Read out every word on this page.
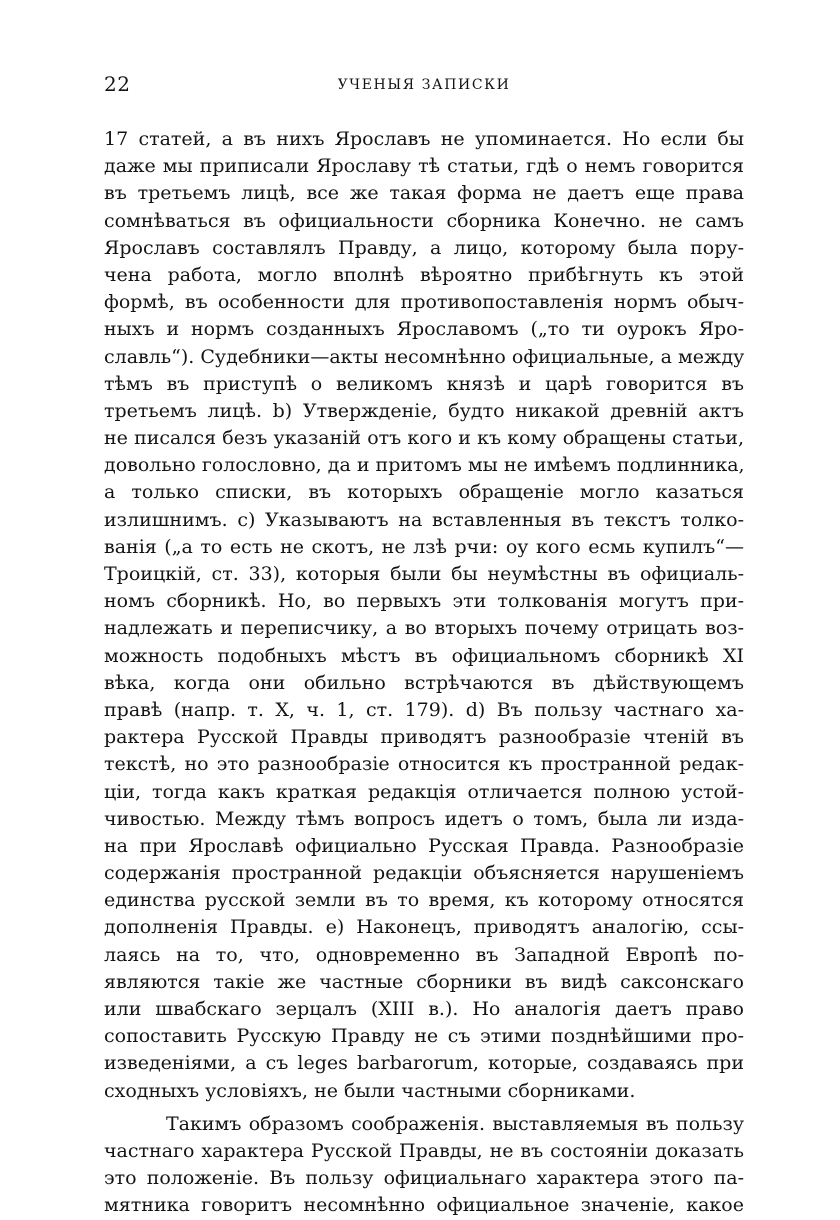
22	УЧЕНЫЯ ЗАПИСКИ
17 статей, а въ нихъ Ярославъ не упоминается. Но если бы
даже мы приписали Ярославу тѣ статьи, гдѣ о немъ говорится
въ третьемъ лицѣ, все же такая форма не даетъ еще права
сомнѣваться въ официальности сборника Конечно. не самъ
Ярославъ составлялъ Правду, а лицо, которому была пору-
чена работа, могло вполнѣ вѣроятно прибѣгнуть къ этой
формѣ, въ особенности для противопоставленія нормъ обыч-
ныхъ и нормъ созданныхъ Ярославомъ („то ти оурокъ Яро-
славль“). Судебники—акты несомнѣнно официальные, а между
тѣмъ въ приступѣ о великомъ князѣ и царѣ говорится въ
третьемъ лицѣ. b) Утвержденіе, будто никакой древній актъ
не писался безъ указаній отъ кого и къ кому обращены статьи,
довольно голословно, да и притомъ мы не имѣемъ подлинника,
а только списки, въ которыхъ обращеніе могло казаться
излишнимъ. c) Указываютъ на вставленныя въ текстъ толко-
ванія („а то есть не скотъ, не лзѣ рчи: оу кого есмь купилъ“—
Троицкій, ст. 33), которыя были бы неумѣстны въ официаль-
номъ сборникѣ. Но, во первыхъ эти толкованія могутъ при-
надлежать и переписчику, а во вторыхъ почему отрицать воз-
можность подобныхъ мѣстъ въ официальномъ сборникѣ XI
вѣка, когда они обильно встрѣчаются въ дѣйствующемъ
правѣ (напр. т. X, ч. 1, ст. 179). d) Въ пользу частнаго ха-
рактера Русской Правды приводятъ разнообразіе чтеній въ
текстѣ, но это разнообразіе относится къ пространной редак-
ціи, тогда какъ краткая редакція отличается полною устой-
чивостью. Между тѣмъ вопросъ идетъ о томъ, была ли изда-
на при Ярославѣ официально Русская Правда. Разнообразіе
содержанія пространной редакціи объясняется нарушеніемъ
единства русской земли въ то время, къ которому относятся
дополненія Правды. e) Наконецъ, приводятъ аналогію, ссы-
лаясь на то, что, одновременно въ Западной Европѣ по-
являются такіе же частные сборники въ видѣ саксонскаго
или швабскаго зерцалъ (XIII в.). Но аналогія даетъ право
сопоставить Русскую Правду не съ этими позднѣйшими про-
изведеніями, а съ leges barbarorum, которые, создаваясь при
сходныхъ условіяхъ, не были частными сборниками.
Такимъ образомъ соображенія. выставляемыя въ пользу
частнаго характера Русской Правды, не въ состояніи доказать
это положеніе. Въ пользу официальнаго характера этого па-
мятника говоритъ несомнѣнно официальное значеніе, какое
